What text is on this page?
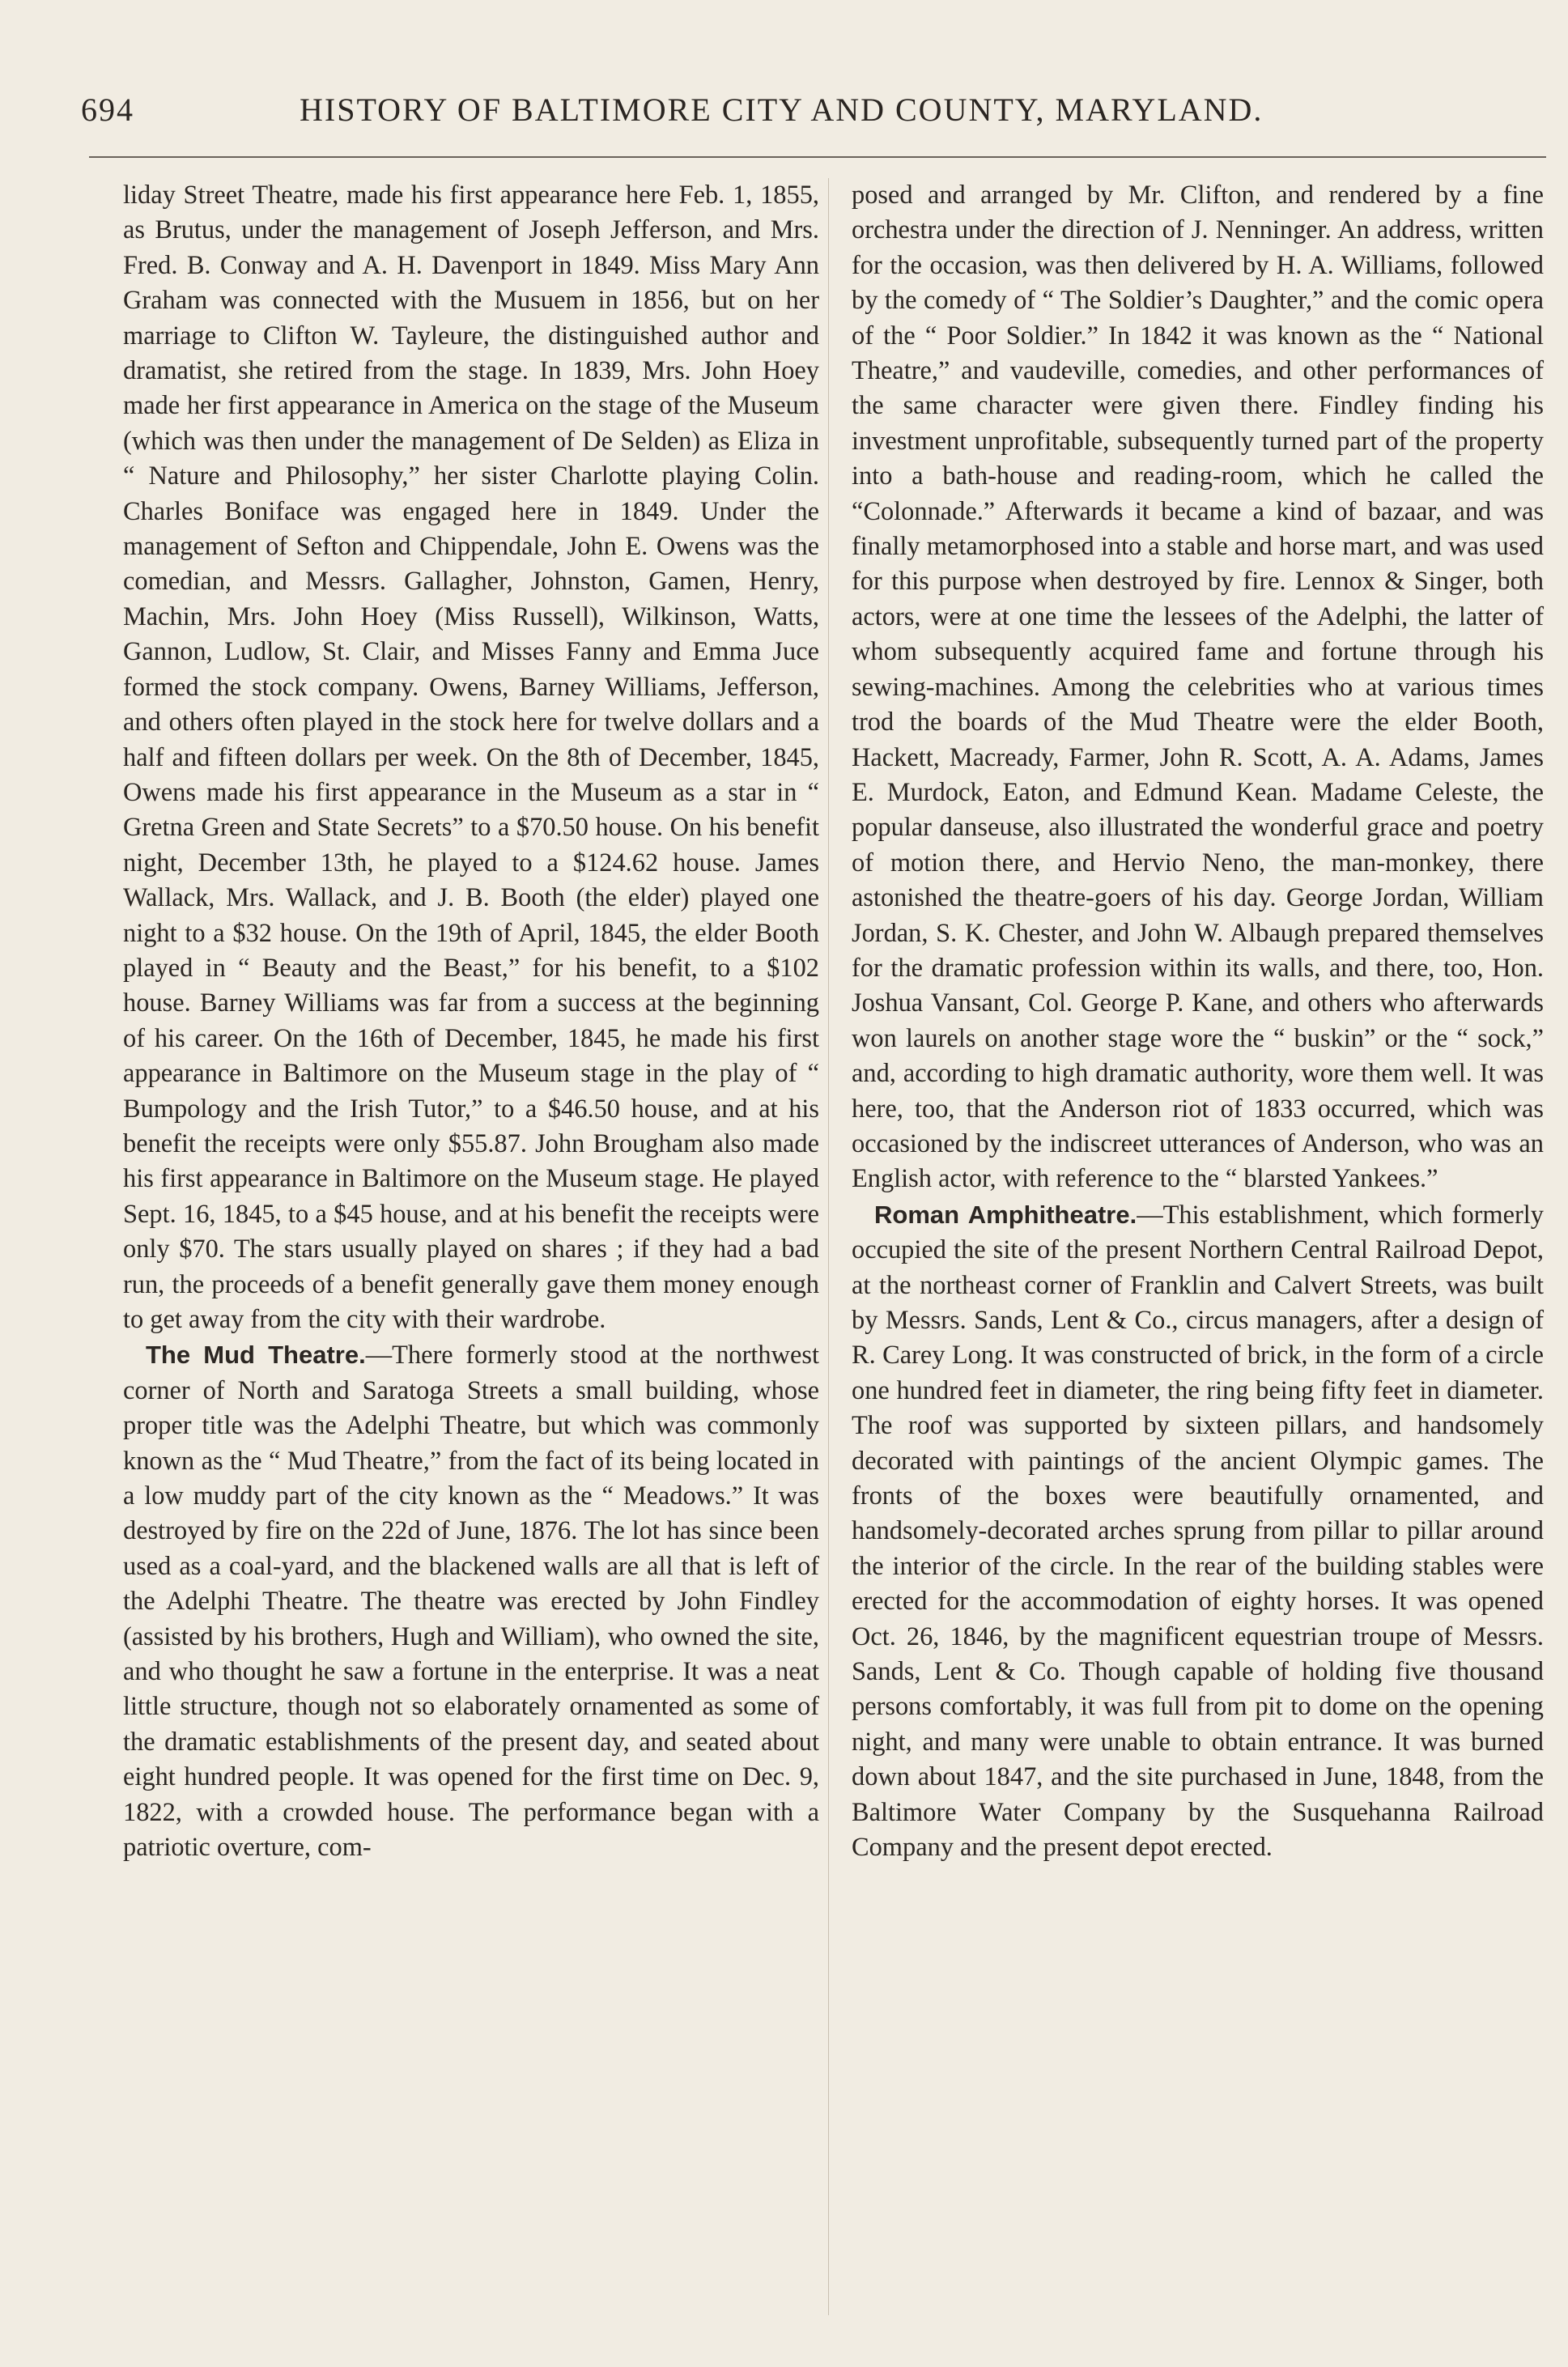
694	HISTORY OF BALTIMORE CITY AND COUNTY, MARYLAND.

liday Street Theatre, made his first appearance here Feb. 1, 1855, as Brutus, under the management of Joseph Jefferson, and Mrs. Fred. B. Conway and A. H. Davenport in 1849. Miss Mary Ann Graham was connected with the Musuem in 1856, but on her marriage to Clifton W. Tayleure, the distinguished author and dramatist, she retired from the stage. In 1839, Mrs. John Hoey made her first appearance in America on the stage of the Museum (which was then under the management of De Selden) as Eliza in “ Nature and Philosophy,” her sister Charlotte playing Colin. Charles Boniface was engaged here in 1849. Under the management of Sefton and Chippendale, John E. Owens was the comedian, and Messrs. Gallagher, Johnston, Gamen, Henry, Machin, Mrs. John Hoey (Miss Russell), Wilkinson, Watts, Gannon, Ludlow, St. Clair, and Misses Fanny and Emma Juce formed the stock company. Owens, Barney Williams, Jefferson, and others often played in the stock here for twelve dollars and a half and fifteen dollars per week. On the 8th of December, 1845, Owens made his first appearance in the Museum as a star in “ Gretna Green and State Secrets” to a $70.50 house. On his benefit night, December 13th, he played to a $124.62 house. James Wallack, Mrs. Wallack, and J. B. Booth (the elder) played one night to a $32 house. On the 19th of April, 1845, the elder Booth played in “ Beauty and the Beast,” for his benefit, to a $102 house. Barney Williams was far from a success at the beginning of his career. On the 16th of December, 1845, he made his first appearance in Baltimore on the Museum stage in the play of “ Bumpology and the Irish Tutor,” to a $46.50 house, and at his benefit the receipts were only $55.87. John Brougham also made his first appearance in Baltimore on the Museum stage. He played Sept. 16, 1845, to a $45 house, and at his benefit the receipts were only $70. The stars usually played on shares ; if they had a bad run, the proceeds of a benefit generally gave them money enough to get away from the city with their wardrobe.

The Mud Theatre.—There formerly stood at the northwest corner of North and Saratoga Streets a small building, whose proper title was the Adelphi Theatre, but which was commonly known as the “ Mud Theatre,” from the fact of its being located in a low muddy part of the city known as the “ Meadows.” It was destroyed by fire on the 22d of June, 1876. The lot has since been used as a coal-yard, and the blackened walls are all that is left of the Adelphi Theatre. The theatre was erected by John Findley (assisted by his brothers, Hugh and William), who owned the site, and who thought he saw a fortune in the enterprise. It was a neat little structure, though not so elaborately ornamented as some of the dramatic establishments of the present day, and seated about eight hundred people. It was opened for the first time on Dec. 9, 1822, with a crowded house. The performance began with a patriotic overture, com-

posed and arranged by Mr. Clifton, and rendered by a fine orchestra under the direction of J. Nenninger. An address, written for the occasion, was then delivered by H. A. Williams, followed by the comedy of “ The Soldier’s Daughter,” and the comic opera of the “ Poor Soldier.” In 1842 it was known as the “ National Theatre,” and vaudeville, comedies, and other performances of the same character were given there. Findley finding his investment unprofitable, subsequently turned part of the property into a bath-house and reading-room, which he called the “Colonnade.” Afterwards it became a kind of bazaar, and was finally metamorphosed into a stable and horse mart, and was used for this purpose when destroyed by fire. Lennox & Singer, both actors, were at one time the lessees of the Adelphi, the latter of whom subsequently acquired fame and fortune through his sewing-machines. Among the celebrities who at various times trod the boards of the Mud Theatre were the elder Booth, Hackett, Macready, Farmer, John R. Scott, A. A. Adams, James E. Murdock, Eaton, and Edmund Kean. Madame Celeste, the popular danseuse, also illustrated the wonderful grace and poetry of motion there, and Hervio Neno, the man-monkey, there astonished the theatre-goers of his day. George Jordan, William Jordan, S. K. Chester, and John W. Albaugh prepared themselves for the dramatic profession within its walls, and there, too, Hon. Joshua Vansant, Col. George P. Kane, and others who afterwards won laurels on another stage wore the “ buskin” or the “ sock,” and, according to high dramatic authority, wore them well. It was here, too, that the Anderson riot of 1833 occurred, which was occasioned by the indiscreet utterances of Anderson, who was an English actor, with reference to the “ blarsted Yankees.”

Roman Amphitheatre.—This establishment, which formerly occupied the site of the present Northern Central Railroad Depot, at the northeast corner of Franklin and Calvert Streets, was built by Messrs. Sands, Lent & Co., circus managers, after a design of R. Carey Long. It was constructed of brick, in the form of a circle one hundred feet in diameter, the ring being fifty feet in diameter. The roof was supported by sixteen pillars, and handsomely decorated with paintings of the ancient Olympic games. The fronts of the boxes were beautifully ornamented, and handsomely-decorated arches sprung from pillar to pillar around the interior of the circle. In the rear of the building stables were erected for the accommodation of eighty horses. It was opened Oct. 26, 1846, by the magnificent equestrian troupe of Messrs. Sands, Lent & Co. Though capable of holding five thousand persons comfortably, it was full from pit to dome on the opening night, and many were unable to obtain entrance. It was burned down about 1847, and the site purchased in June, 1848, from the Baltimore Water Company by the Susquehanna Railroad Company and the present depot erected.
